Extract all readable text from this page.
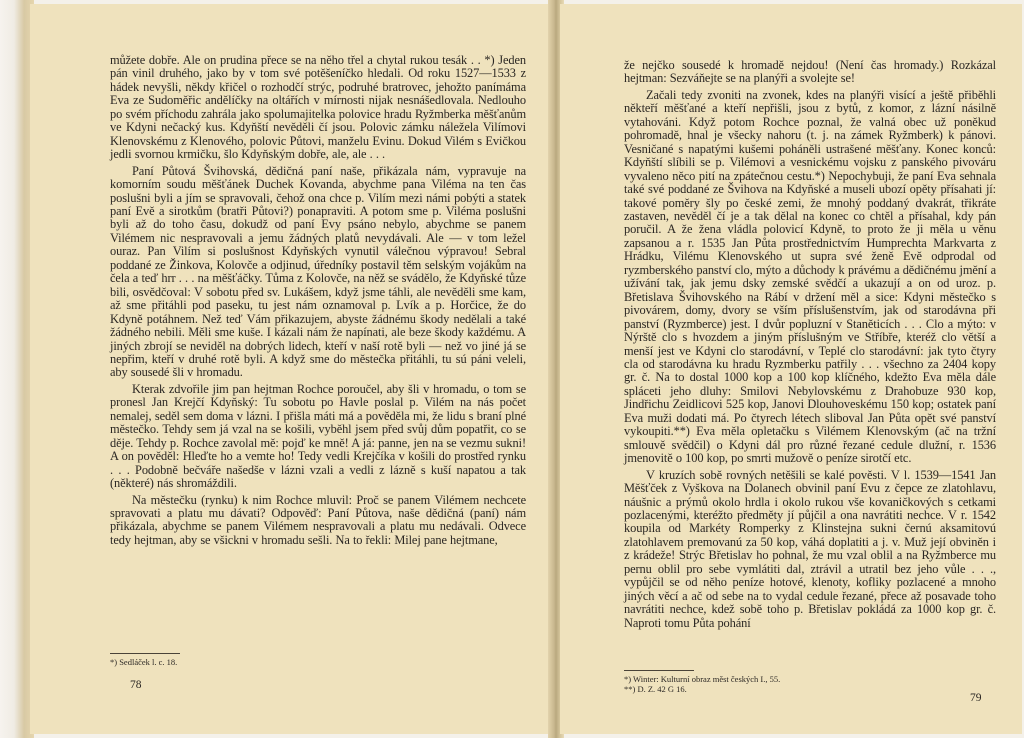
můžete dobře. Ale on prudina přece se na něho třel a chytal rukou tesák . . *) Jeden pán vinil druhého, jako by v tom své potěšeníčko hledali. Od roku 1527—1533 z hádek nevyšli, někdy křičel o rozhodčí strýc, podruhé bratrovec, jehožto panímáma Eva ze Sudoměřic andělíčky na oltářích v mírnosti nijak nesnášedlovala. Nedlouho po svém příchodu zahrála jako spolumajitelka polovice hradu Ryžmberka měšťanům ve Kdyni nečacký kus. Kdyňští nevěděli čí jsou. Polovic zámku náležela Vilímovi Klenovskému z Klenového, polovic Půtovi, manželu Evinu. Dokud Vilém s Evičkou jedli svornou krmičku, šlo Kdyňským dobře, ale, ale . . .

Paní Půtová Švihovská, dědičná paní naše, přikázala nám, vypravuje na komorním soudu měšťánek Duchek Kovanda, abychme pana Viléma na ten čas poslušni byli a jím se spravovali, čehož ona chce p. Vilím mezi námi pobýti a statek paní Evě a sirotkům (bratři Půtovi?) ponapraviti. A potom sme p. Viléma poslušni byli až do toho času, dokudž od paní Evy psáno nebylo, abychme se panem Vilémem nic nespravovali a jemu žádných platů nevydávali. Ale — v tom ležel ouraz. Pan Vilím si poslušnost Kdyňských vynutil válečnou výpravou! Sebral poddané ze Žinkova, Kolovče a odjinud, úředníky postavil těm selským vojákům na čela a teď hrr . . . na měšťáčky. Tůma z Kolovče, na něž se svádělo, že Kdyňské tůze bili, osvědčoval: V sobotu před sv. Lukášem, když jsme táhli, ale nevěděli sme kam, až sme přitáhli pod paseku, tu jest nám oznamoval p. Lvík a p. Horčice, že do Kdyně potáhnem. Než teď Vám přikazujem, abyste žádnému škody nedělali a také žádného nebili. Měli sme kuše. I kázali nám že napínati, ale beze škody každému. A jiných zbrojí se neviděl na dobrých lidech, kteří v naší rotě byli — než vo jiné já se nepřim, kteří v druhé rotě byli. A když sme do městečka přitáhli, tu sú páni veleli, aby sousedé šli v hromadu.

Kterak zdvořile jim pan hejtman Rochce poroučel, aby šli v hromadu, o tom se pronesl Jan Krejčí Kdyňský: Tu sobotu po Havle poslal p. Vilém na nás počet nemalej, seděl sem doma v lázni. I přišla máti má a pověděla mi, že lidu s braní plné městečko. Tehdy sem já vzal na se košili, vyběhl jsem před svůj dům popatřit, co se děje. Tehdy p. Rochce zavolal mě: pojď ke mně! A já: panne, jen na se vezmu sukni! A on pověděl: Hleďte ho a vemte ho! Tedy vedli Krejčíka v košili do prostřed rynku . . . Podobně bečváře našedše v lázni vzali a vedli z lázně s kuší napatou a tak (některé) nás shromáždili.

Na městečku (rynku) k nim Rochce mluvil: Proč se panem Vilémem nechcete spravovati a platu mu dávati? Odpověď: Paní Půtova, naše dědičná (paní) nám přikázala, abychme se panem Vilémem nespravovali a platu mu nedávali. Odvece tedy hejtman, aby se všickni v hromadu sešli. Na to řekli: Milej pane hejtmane,

*) Sedláček l. c. 18.

78

že nejčko sousedé k hromadě nejdou! (Není čas hromady.) Rozkázal hejtman: Sezváňejte se na planýři a svolejte se!

Začali tedy zvoniti na zvonek, kdes na planýři visící a ještě přiběhli někteří měšťané a kteří nepřišli, jsou z bytů, z komor, z lázní násilně vytahováni. Když potom Rochce poznal, že valná obec už poněkud pohromadě, hnal je všecky nahoru (t. j. na zámek Ryžmberk) k pánovi. Vesničané s napatými kušemi poháněli ustrašené měšťany. Konec konců: Kdyňští slíbili se p. Vilémovi a vesnickému vojsku z panského pivováru vyvaleno něco pití na zpátečnou cestu.*) Nepochybuji, že paní Eva sehnala také své poddané ze Švihova na Kdyňské a museli ubozí opěty přísahati jí: takové poměry šly po české zemi, že mnohý poddaný dvakrát, třikráte zastaven, nevěděl čí je a tak dělal na konec co chtěl a přísahal, kdy pán poručil. A že žena vládla polovicí Kdyně, to proto že ji měla u věnu zapsanou a r. 1535 Jan Půta prostřednictvím Humprechta Markvarta z Hrádku, Vilému Klenovského ut supra své ženě Evě odprodal od ryzmberského panství clo, mýto a důchody k právému a dědičnému jmění a užívání tak, jak jemu dsky zemské svědčí a ukazují a on od uroz. p. Břetislava Švihovského na Rábí v držení měl a sice: Kdyni městečko s pivovárem, domy, dvory se vším příslušenstvím, jak od starodávna při panství (Ryzmberce) jest. I dvůr popluzní v Staněticích . . . Clo a mýto: v Nýrště clo s hvozdem a jiným příslušným ve Stříbře, kteréž clo větší a menší jest ve Kdyni clo starodávní, v Teplé clo starodávní: jak tyto čtyry cla od starodávna ku hradu Ryzmberku patřily . . . všechno za 2404 kopy gr. č. Na to dostal 1000 kop a 100 kop klíčného, kdežto Eva měla dále spláceti jeho dluhy: Smilovi Nebylovskému z Drahobuze 930 kop, Jindřichu Zeidlicovi 525 kop, Janovi Dlouhoveskému 150 kop; ostatek paní Eva muži dodati má. Po čtyrech létech sliboval Jan Půta opět své panství vykoupiti.**) Eva měla opletačku s Vilémem Klenovským (ač na tržní smlouvě svědčil) o Kdyni dál pro různé řezané cedule dlužní, r. 1536 jmenovitě o 100 kop, po smrti mužově o peníze sirotčí etc.

V kruzích sobě rovných netěšili se kalé pověsti. V l. 1539—1541 Jan Měšťček z Vyškova na Dolanech obvinil paní Evu z čepce ze zlatohlavu, náušnic a prýmů okolo hrdla i okolo rukou vše kovaničkových s cetkami pozlacenými, kteréžto předměty jí půjčil a ona navrátiti nechce. V r. 1542 koupila od Markéty Romperky z Klinstejna sukni černú aksamitovú zlatohlavem premovanú za 50 kop, váhá doplatiti a j. v. Muž její obviněn i z krádeže! Strýc Břetislav ho pohnal, že mu vzal oblil a na Ryžmberce mu pernu oblil pro sebe vymlátiti dal, ztrávil a utratil bez jeho vůle . . ., vypůjčil se od něho peníze hotové, klenoty, kofliky pozlacené a mnoho jiných věcí a ač od sebe na to vydal cedule řezané, přece až posavade toho navrátiti nechce, kdež sobě toho p. Břetislav pokládá za 1000 kop gr. č. Naproti tomu Půta pohání

*) Winter: Kulturní obraz měst českých I., 55.

**) D. Z. 42 G 16.

79
